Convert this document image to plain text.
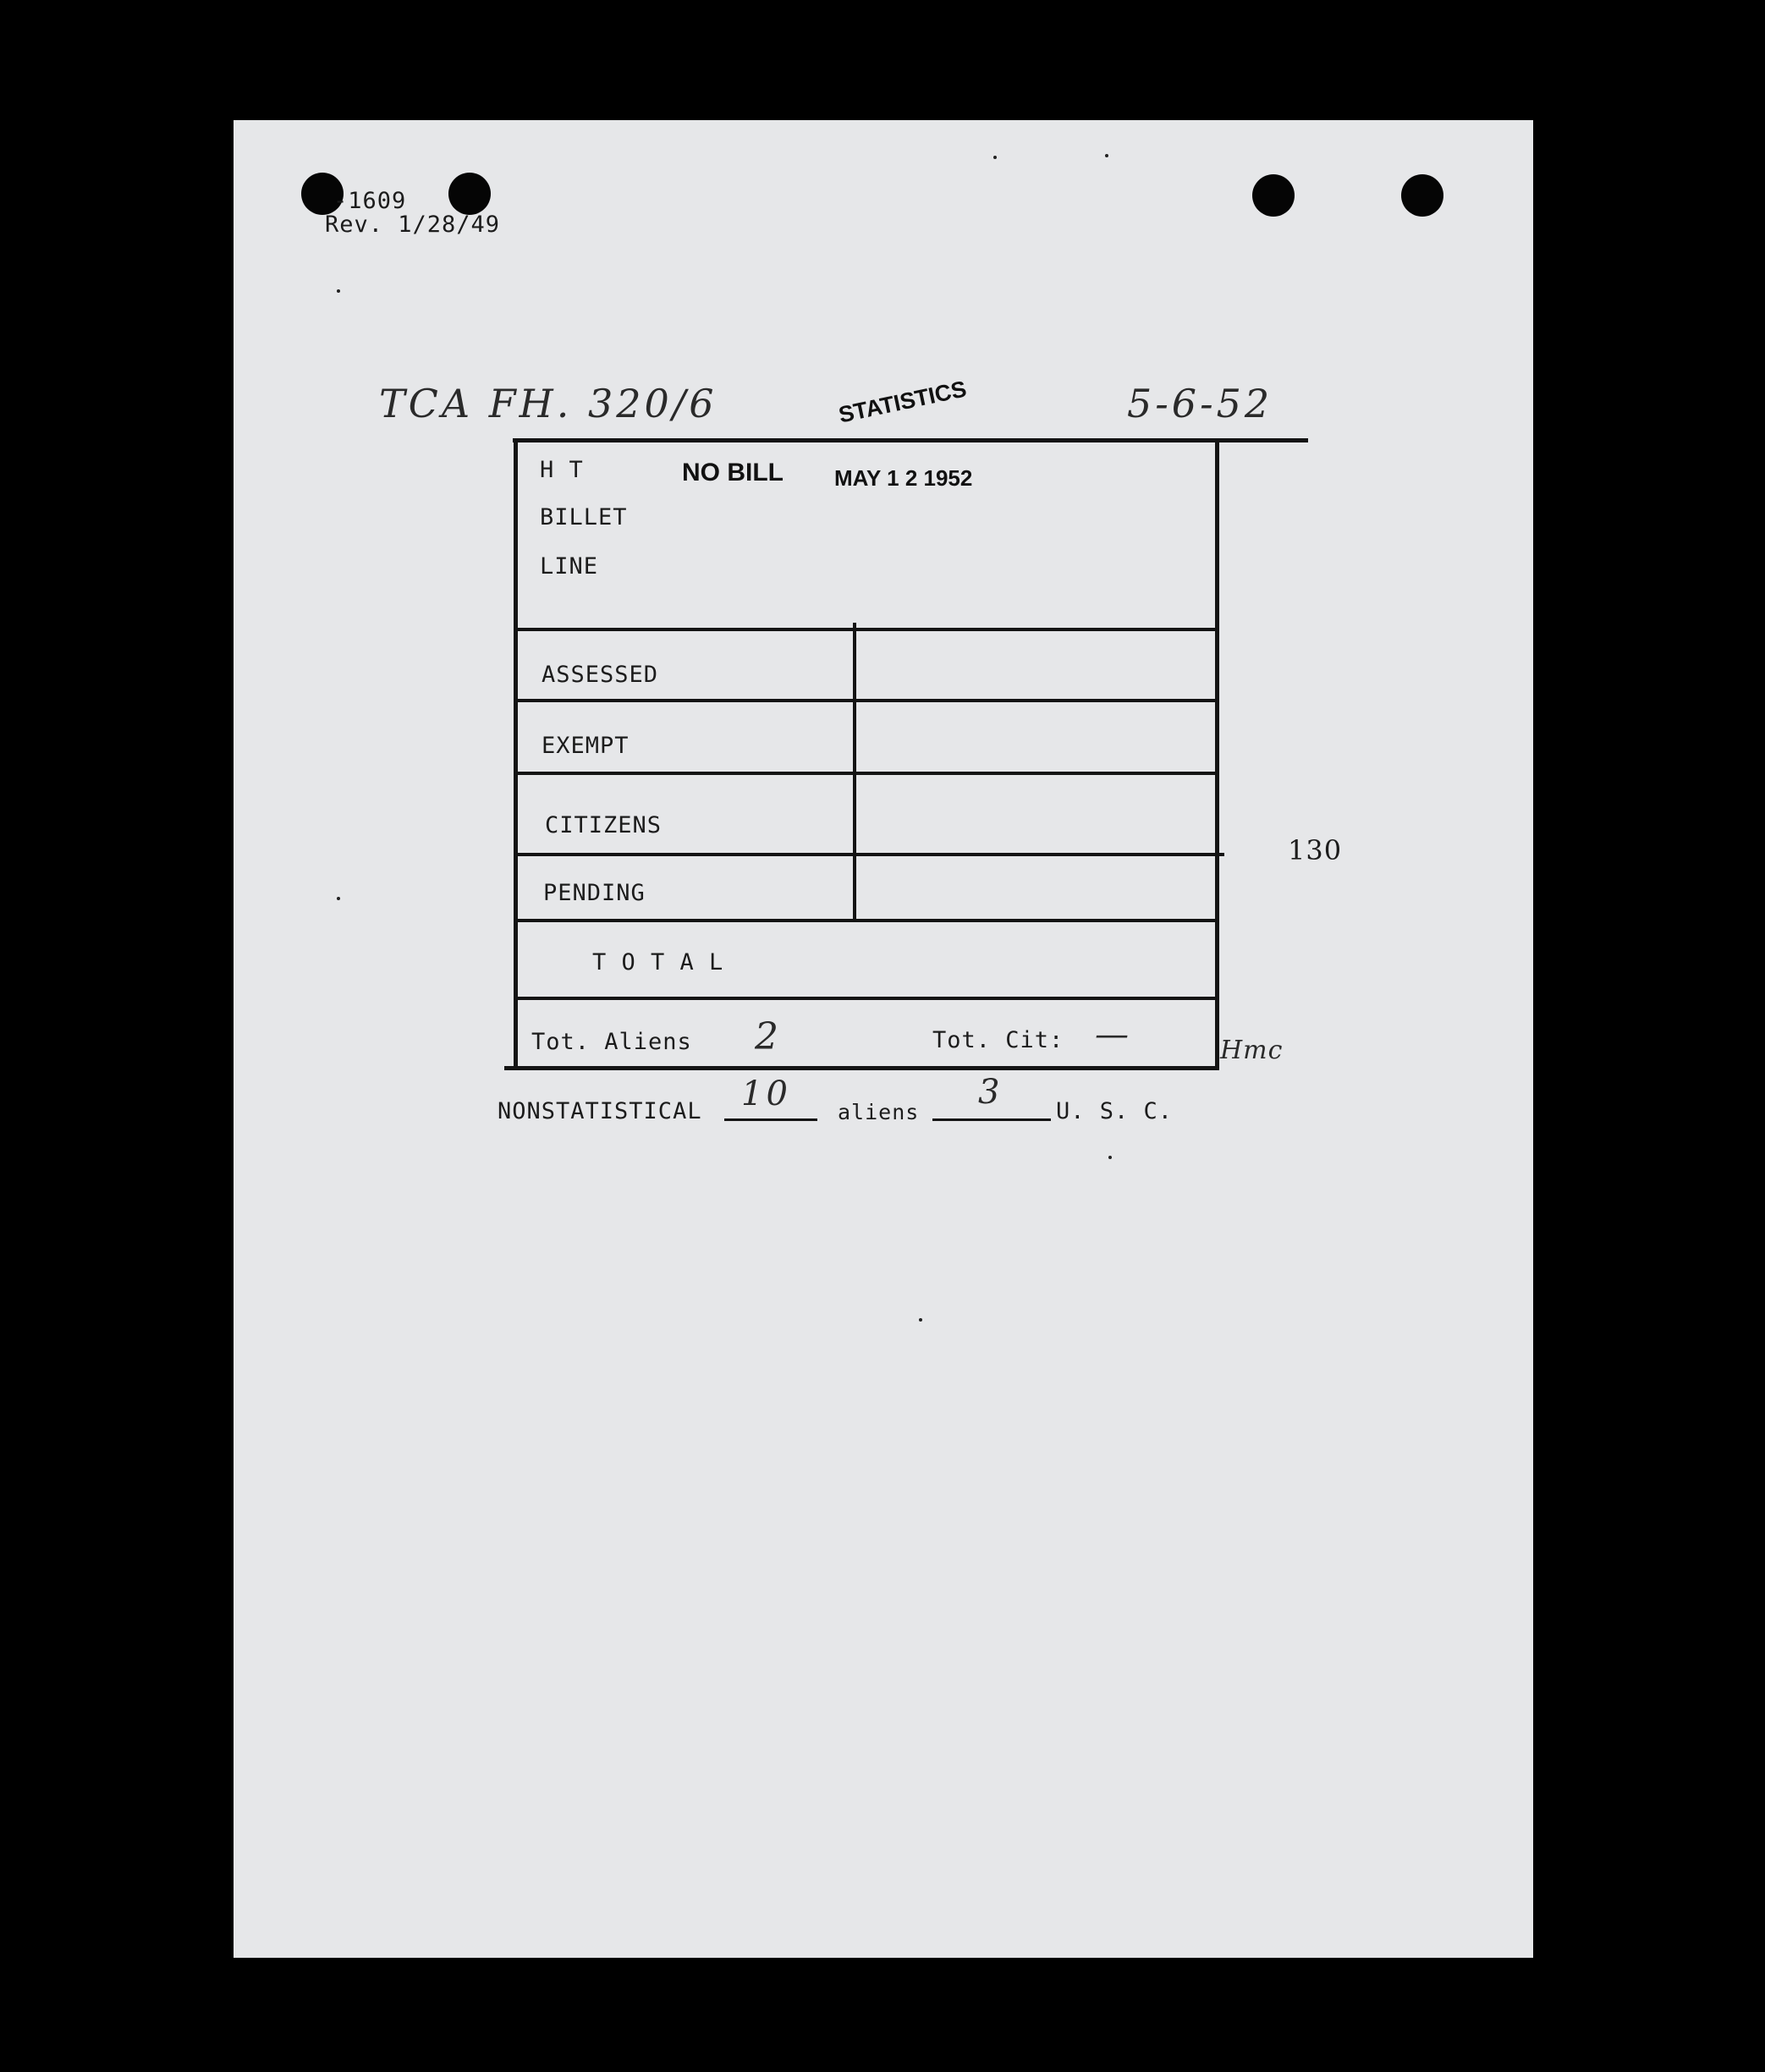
-1609
Rev. 1/28/49
TCA FH. 320/6	5-6-52
STATISTICS
H T
BILLET
LINE
NO BILL MAY 1 2 1952
ASSESSED
EXEMPT
CITIZENS
PENDING
T O T A L
Tot. Aliens 2	Tot. Cit: —	Hmc
130
NONSTATISTICAL 10 aliens
3 U. S. C.
